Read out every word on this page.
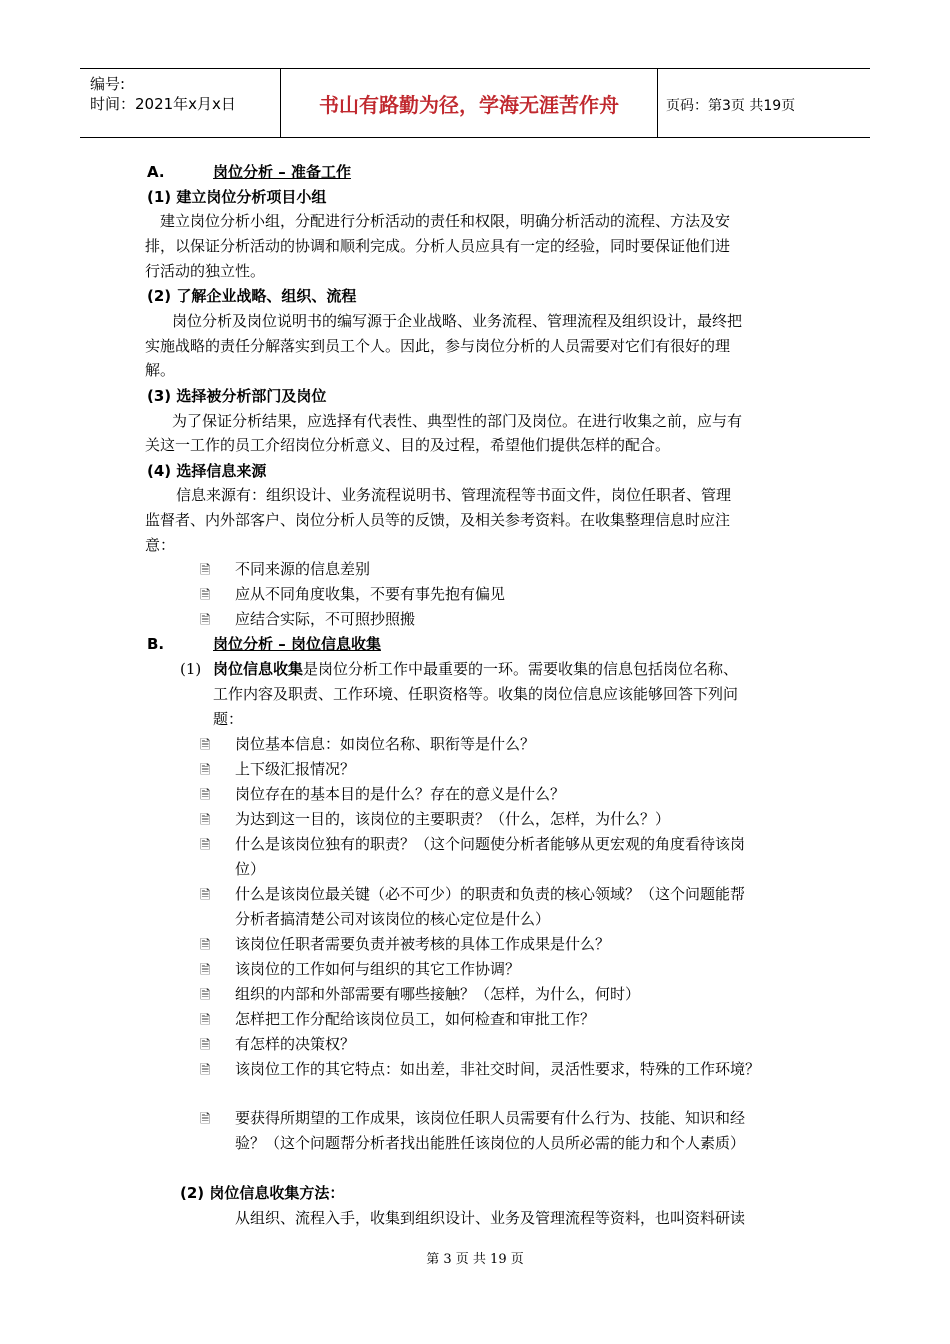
编号:
时间：2021年x月x日	书山有路勤为径，学海无涯苦作舟	页码：第3页 共19页
A.	岗位分析 – 准备工作
(1) 建立岗位分析项目小组
建立岗位分析小组，分配进行分析活动的责任和权限，明确分析活动的流程、方法及安
排，以保证分析活动的协调和顺利完成。分析人员应具有一定的经验，同时要保证他们进
行活动的独立性。
(2) 了解企业战略、组织、流程
岗位分析及岗位说明书的编写源于企业战略、业务流程、管理流程及组织设计，最终把
实施战略的责任分解落实到员工个人。因此，参与岗位分析的人员需要对它们有很好的理
解。
(3) 选择被分析部门及岗位
为了保证分析结果，应选择有代表性、典型性的部门及岗位。在进行收集之前，应与有
关这一工作的员工介绍岗位分析意义、目的及过程，希望他们提供怎样的配合。
(4) 选择信息来源
信息来源有：组织设计、业务流程说明书、管理流程等书面文件，岗位任职者、管理
监督者、内外部客户、岗位分析人员等的反馈，及相关参考资料。在收集整理信息时应注
意：
🗎 不同来源的信息差别
🗎 应从不同角度收集，不要有事先抱有偏见
🗎 应结合实际，不可照抄照搬
B.	岗位分析 – 岗位信息收集
(1) 岗位信息收集是岗位分析工作中最重要的一环。需要收集的信息包括岗位名称、
工作内容及职责、工作环境、任职资格等。收集的岗位信息应该能够回答下列问
题：
🗎 岗位基本信息：如岗位名称、职衔等是什么？
🗎 上下级汇报情况？
🗎 岗位存在的基本目的是什么？存在的意义是什么？
🗎 为达到这一目的，该岗位的主要职责？（什么，怎样，为什么？）
🗎 什么是该岗位独有的职责？（这个问题使分析者能够从更宏观的角度看待该岗
位）
🗎 什么是该岗位最关键（必不可少）的职责和负责的核心领域？（这个问题能帮
分析者搞清楚公司对该岗位的核心定位是什么）
🗎 该岗位任职者需要负责并被考核的具体工作成果是什么？
🗎 该岗位的工作如何与组织的其它工作协调？
🗎 组织的内部和外部需要有哪些接触？（怎样，为什么，何时）
🗎 怎样把工作分配给该岗位员工，如何检查和审批工作？
🗎 有怎样的决策权？
🗎 该岗位工作的其它特点：如出差，非社交时间，灵活性要求，特殊的工作环境？
🗎 要获得所期望的工作成果，该岗位任职人员需要有什么行为、技能、知识和经
验？（这个问题帮分析者找出能胜任该岗位的人员所必需的能力和个人素质）
(2) 岗位信息收集方法：
从组织、流程入手，收集到组织设计、业务及管理流程等资料，也叫资料研读
第 3 页 共 19 页
